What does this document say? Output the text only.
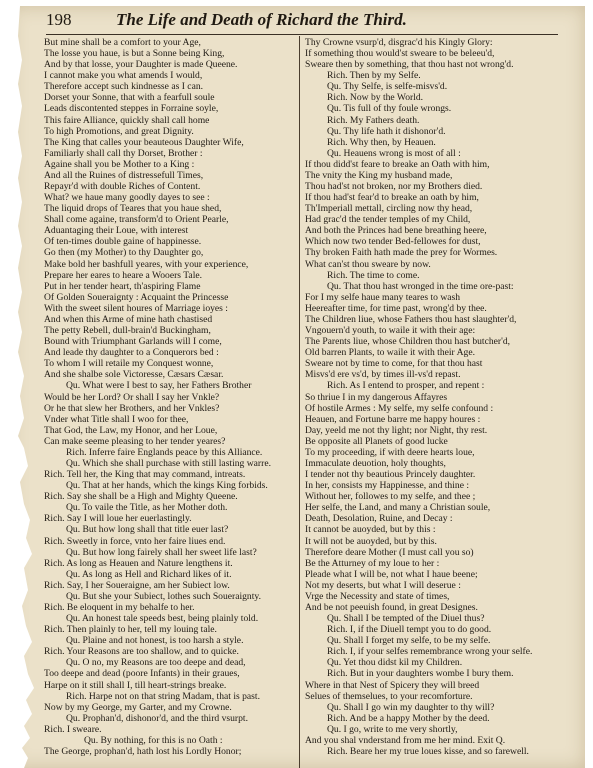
198	The Life and Death of Richard the Third.
But mine shall be a comfort to your Age,
The losse you haue, is but a Sonne being King,
And by that losse, your Daughter is made Queene.
I cannot make you what amends I would,
Therefore accept such kindnesse as I can.
Dorset your Sonne, that with a fearfull soule
Leads discontented steppes in Forraine soyle,
This faire Alliance, quickly shall call home
To high Promotions, and great Dignity.
The King that calles your beauteous Daughter Wife,
Familiarly shall call thy Dorset, Brother :
Againe shall you be Mother to a King :
And all the Ruines of distressefull Times,
Repayr'd with double Riches of Content.
What? we haue many goodly dayes to see :
The liquid drops of Teares that you haue shed,
Shall come againe, transform'd to Orient Pearle,
Aduantaging their Loue, with interest
Of ten-times double gaine of happinesse.
Go then (my Mother) to thy Daughter go,
Make bold her bashfull yeares, with your experience,
Prepare her eares to heare a Wooers Tale.
Put in her tender heart, th'aspiring Flame
Of Golden Soueraignty : Acquaint the Princesse
With the sweet silent houres of Marriage ioyes :
And when this Arme of mine hath chastised
The petty Rebell, dull-brain'd Buckingham,
Bound with Triumphant Garlands will I come,
And leade thy daughter to a Conquerors bed :
To whom I will retaile my Conquest wonne,
And she shalbe sole Victoresse, Cæsars Cæsar.
Qu. What were I best to say, her Fathers Brother
Would be her Lord? Or shall I say her Vnkle?
Or he that slew her Brothers, and her Vnkles?
Vnder what Title shall I woo for thee,
That God, the Law, my Honor, and her Loue,
Can make seeme pleasing to her tender yeares?
Rich. Inferre faire Englands peace by this Alliance.
Qu. Which she shall purchase with still lasting warre.
Rich. Tell her, the King that may command, intreats.
Qu. That at her hands, which the kings King forbids.
Rich. Say she shall be a High and Mighty Queene.
Qu. To vaile the Title, as her Mother doth.
Rich. Say I will loue her euerlastingly.
Qu. But how long shall that title euer last?
Rich. Sweetly in force, vnto her faire liues end.
Qu. But how long fairely shall her sweet life last?
Rich. As long as Heauen and Nature lengthens it.
Qu. As long as Hell and Richard likes of it.
Rich. Say, I her Soueraigne, am her Subiect low.
Qu. But she your Subiect, lothes such Soueraignty.
Rich. Be eloquent in my behalfe to her.
Qu. An honest tale speeds best, being plainly told.
Rich. Then plainly to her, tell my louing tale.
Qu. Plaine and not honest, is too harsh a style.
Rich. Your Reasons are too shallow, and to quicke.
Qu. O no, my Reasons are too deepe and dead,
Too deepe and dead (poore Infants) in their graues,
Harpe on it still shall I, till heart-strings breake.
Rich. Harpe not on that string Madam, that is past.
Now by my George, my Garter, and my Crowne.
Qu. Prophan'd, dishonor'd, and the third vsurpt.
Rich. I sweare.
Qu. By nothing, for this is no Oath :
The George, prophan'd, hath lost his Lordly Honor;
Thy Crowne vsurp'd, disgrac'd his Kingly Glory:
If something thou would'st sweare to be beleeu'd,
Sweare then by something, that thou hast not wrong'd.
Rich. Then by my Selfe.
Qu. Thy Selfe, is selfe-misvs'd.
Rich. Now by the World.
Qu. Tis full of thy foule wrongs.
Rich. My Fathers death.
Qu. Thy life hath it dishonor'd.
Rich. Why then, by Heauen.
Qu. Heauens wrong is most of all :
If thou didd'st feare to breake an Oath with him,
The vnity the King my husband made,
Thou had'st not broken, nor my Brothers died.
If thou had'st fear'd to breake an oath by him,
Th'Imperiall mettall, circling now thy head,
Had grac'd the tender temples of my Child,
And both the Princes had bene breathing heere,
Which now two tender Bed-fellowes for dust,
Thy broken Faith hath made the prey for Wormes.
What can'st thou sweare by now.
Rich. The time to come.
Qu. That thou hast wronged in the time ore-past:
For I my selfe haue many teares to wash
Heereafter time, for time past, wrong'd by thee.
The Children liue, whose Fathers thou hast slaughter'd,
Vngouern'd youth, to waile it with their age:
The Parents liue, whose Children thou hast butcher'd,
Old barren Plants, to waile it with their Age.
Sweare not by time to come, for that thou hast
Misvs'd ere vs'd, by times ill-vs'd repast.
Rich. As I entend to prosper, and repent :
So thriue I in my dangerous Affayres
Of hostile Armes : My selfe, my selfe confound :
Heauen, and Fortune barre me happy houres :
Day, yeeld me not thy light; nor Night, thy rest.
Be opposite all Planets of good lucke
To my proceeding, if with deere hearts loue,
Immaculate deuotion, holy thoughts,
I tender not thy beautious Princely daughter.
In her, consists my Happinesse, and thine :
Without her, followes to my selfe, and thee ;
Her selfe, the Land, and many a Christian soule,
Death, Desolation, Ruine, and Decay :
It cannot be auoyded, but by this :
It will not be auoyded, but by this.
Therefore deare Mother (I must call you so)
Be the Atturney of my loue to her :
Pleade what I will be, not what I haue beene;
Not my deserts, but what I will deserue :
Vrge the Necessity and state of times,
And be not peeuish found, in great Designes.
Qu. Shall I be tempted of the Diuel thus?
Rich. I, if the Diuell tempt you to do good.
Qu. Shall I forget my selfe, to be my selfe.
Rich. I, if your selfes remembrance wrong your selfe.
Qu. Yet thou didst kil my Children.
Rich. But in your daughters wombe I bury them.
Where in that Nest of Spicery they will breed
Selues of themselues, to your recomforture.
Qu. Shall I go win my daughter to thy will?
Rich. And be a happy Mother by the deed.
Qu. I go, write to me very shortly,
And you shal vnderstand from me her mind. Exit Q.
Rich. Beare her my true loues kisse, and so farewell.
